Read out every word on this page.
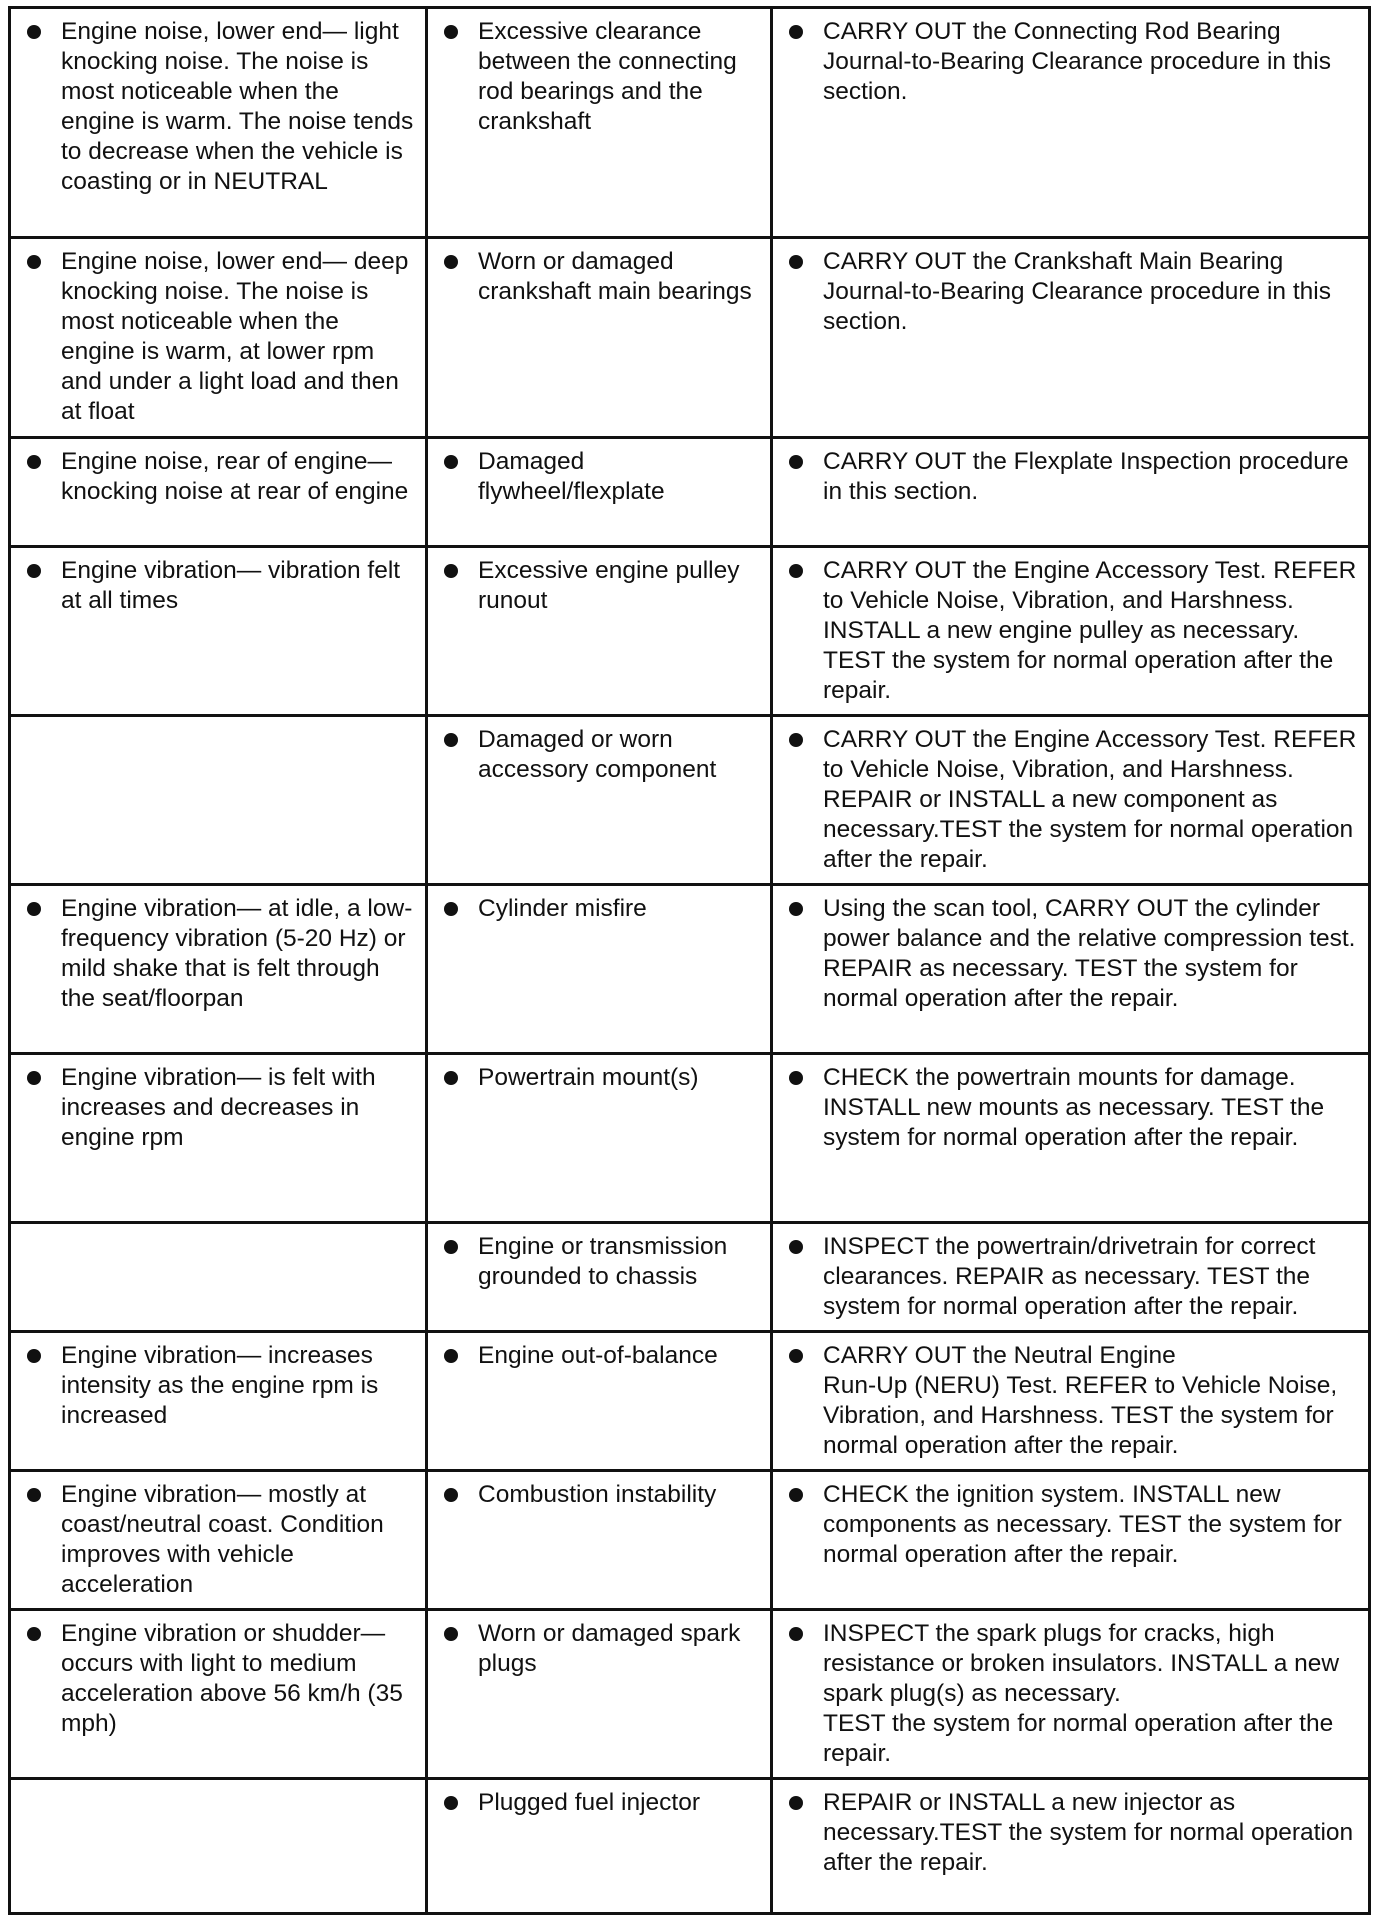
Engine noise, lower end— light knocking noise. The noise is most noticeable when the engine is warm. The noise tends to decrease when the vehicle is coasting or in NEUTRAL	Excessive clearance between the connecting rod bearings and the crankshaft	CARRY OUT the Connecting Rod Bearing Journal-to-Bearing Clearance procedure in this section.

Engine noise, lower end— deep knocking noise. The noise is most noticeable when the engine is warm, at lower rpm and under a light load and then at float	Worn or damaged crankshaft main bearings	CARRY OUT the Crankshaft Main Bearing Journal-to-Bearing Clearance procedure in this section.

Engine noise, rear of engine— knocking noise at rear of engine	Damaged flywheel/flexplate	CARRY OUT the Flexplate Inspection procedure in this section.

Engine vibration— vibration felt at all times	Excessive engine pulley runout	CARRY OUT the Engine Accessory Test. REFER to Vehicle Noise, Vibration, and Harshness. INSTALL a new engine pulley as necessary. TEST the system for normal operation after the repair.

	Damaged or worn accessory component	CARRY OUT the Engine Accessory Test. REFER to Vehicle Noise, Vibration, and Harshness. REPAIR or INSTALL a new component as necessary.TEST the system for normal operation after the repair.

Engine vibration— at idle, a low-frequency vibration (5-20 Hz) or mild shake that is felt through the seat/floorpan	Cylinder misfire	Using the scan tool, CARRY OUT the cylinder power balance and the relative compression test. REPAIR as necessary. TEST the system for normal operation after the repair.

Engine vibration— is felt with increases and decreases in engine rpm	Powertrain mount(s)	CHECK the powertrain mounts for damage. INSTALL new mounts as necessary. TEST the system for normal operation after the repair.

	Engine or transmission grounded to chassis	INSPECT the powertrain/drivetrain for correct clearances. REPAIR as necessary. TEST the system for normal operation after the repair.

Engine vibration— increases intensity as the engine rpm is increased	Engine out-of-balance	CARRY OUT the Neutral Engine
Run-Up (NERU) Test. REFER to Vehicle Noise, Vibration, and Harshness. TEST the system for normal operation after the repair.

Engine vibration— mostly at coast/neutral coast. Condition improves with vehicle acceleration	Combustion instability	CHECK the ignition system. INSTALL new components as necessary. TEST the system for normal operation after the repair.

Engine vibration or shudder— occurs with light to medium acceleration above 56 km/h (35 mph)	Worn or damaged spark plugs	INSPECT the spark plugs for cracks, high resistance or broken insulators. INSTALL a new spark plug(s) as necessary.
TEST the system for normal operation after the repair.

	Plugged fuel injector	REPAIR or INSTALL a new injector as necessary.TEST the system for normal operation after the repair.
